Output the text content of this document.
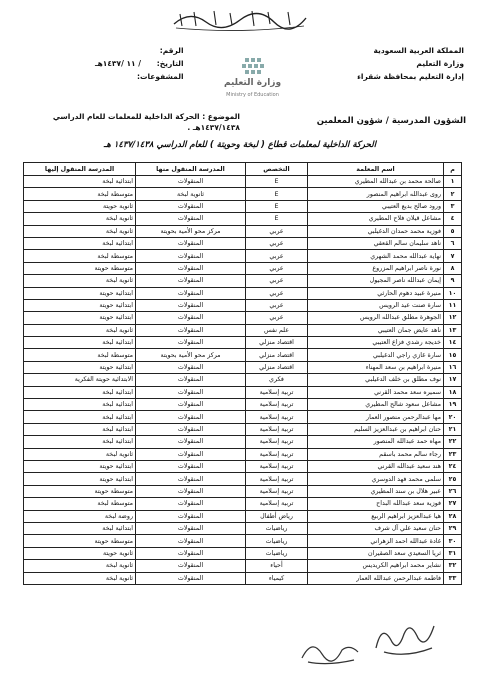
المملكة العربية السعودية
وزارة التعليم
إدارة التعليم بمحافظة شقراء
الرقم:
التاريخ: / ١١ /١٤٣٧هـ
المشفوعات:
وزارة التعليم
Ministry of Education
الشؤون المدرسية / شؤون المعلمين
الموضوع : الحركة الداخلية للمعلمات للعام الدراسي ١٤٣٧/١٤٣٨هـ .
الحركة الداخلية لمعلمات قطاع ( لبخة وحويتة ) للعام الدراسي ١٤٣٧/١٤٣٨ هـ
م	اسم المعلمة	التخصص	المدرسة المنقول منها	المدرسة المنقول إليها
١	صالحة محمد بن عبدالله المطيري	E	المنقولات	ابتدائية لبخة
٢	روى عبدالله ابراهيم المنصور	E	ثانوية لبخة	متوسطة لبخة
٣	ورود صالح بديع العتيبي	E	المنقولات	ثانوية حويتة
٤	مشاعل قيلان فلاح المطيري	E	المنقولات	ثانوية لبخة
٥	فوزية محمد حمدان الدغيلبي	عربي	مركز محو الأمية بحويتة	ثانوية لبخة
٦	ناهد سليمان سالم القعقي	عربي	المنقولات	ابتدائية لبخة
٧	نهاية عبدالله محمد الشهري	عربي	المنقولات	متوسطة لبخة
٨	نورة ناصر ابراهيم المزروع	عربي	المنقولات	متوسطة حويتة
٩	إيمان عبدالله ناصر المجيول	عربي	المنقولات	ثانوية لبخة
١٠	منيرة عبيد دهوم الحارثي	عربي	المنقولات	ابتدائية حويتة
١١	سارة صنت عيد الرويس	عربي	المنقولات	ابتدائية حويتة
١٢	الجوهرة مطلق عبدالله الرويس	عربي	المنقولات	ابتدائية حويتة
١٣	ناهد عايض جمان العتيبي	علم نفس	المنقولات	ثانوية لبخة
١٤	خديجة رشدي فزاع العتيبي	اقتصاد منزلي	المنقولات	ابتدائية لبخة
١٥	سارة غازي راجي الدغيلبي	اقتصاد منزلي	مركز محو الأمية بحويتة	متوسطة لبخة
١٦	منيرة ابراهيم بن سعد المهناء	اقتصاد منزلي	المنقولات	ابتدائية حويتة
١٧	نوف مطلق بن خلف الدغيلبي	فكري	المنقولات	الابتدائية حويتة الفكرية
١٨	سميره سعد محمد القرني	تربية إسلامية	المنقولات	ابتدائية لبخة
١٩	مشاعل سعود شالح المطيري	تربية إسلامية	المنقولات	ابتدائية لبخة
٢٠	مها عبدالرحمن منصور العمار	تربية إسلامية	المنقولات	ابتدائية لبخة
٢١	حنان ابراهيم بن عبدالعزيز السليم	تربية إسلامية	المنقولات	ابتدائية لبخة
٢٢	مهاه حمد عبدالله المنصور	تربية إسلامية	المنقولات	ابتدائية لبخة
٢٣	رجاء سالم محمد باسقم	تربية إسلامية	المنقولات	ثانوية لبخة
٢٤	هند سعيد عبدالله القرني	تربية إسلامية	المنقولات	ابتدائية حويتة
٢٥	سلمى محمد فهد الدوسري	تربية إسلامية	المنقولات	ابتدائية حويتة
٢٦	عبير هلال بن سند المطيري	تربية إسلامية	المنقولات	متوسطة حويتة
٢٧	فوزية سعد عبدالله البداح	تربية إسلامية	المنقولات	متوسطة لبخة
٢٨	هيا عبدالعزيز ابراهيم الربيع	رياض أطفال	المنقولات	روضة لبخة
٢٩	حنان سعيد علي آل شرف	رياضيات	المنقولات	ابتدائية لبخة
٣٠	غادة عبدالله احمد الزهراني	رياضيات	المنقولات	متوسطة حويتة
٣١	ثريا السعيدي سعد الصقيران	رياضيات	المنقولات	ثانوية حويتة
٣٢	نشاير محمد ابراهيم الكريديس	أحياء	المنقولات	ثانوية لبخة
٣٣	فاطمة عبدالرحمن عبدالله العمار	كيمياء	المنقولات	ثانوية لبخة
